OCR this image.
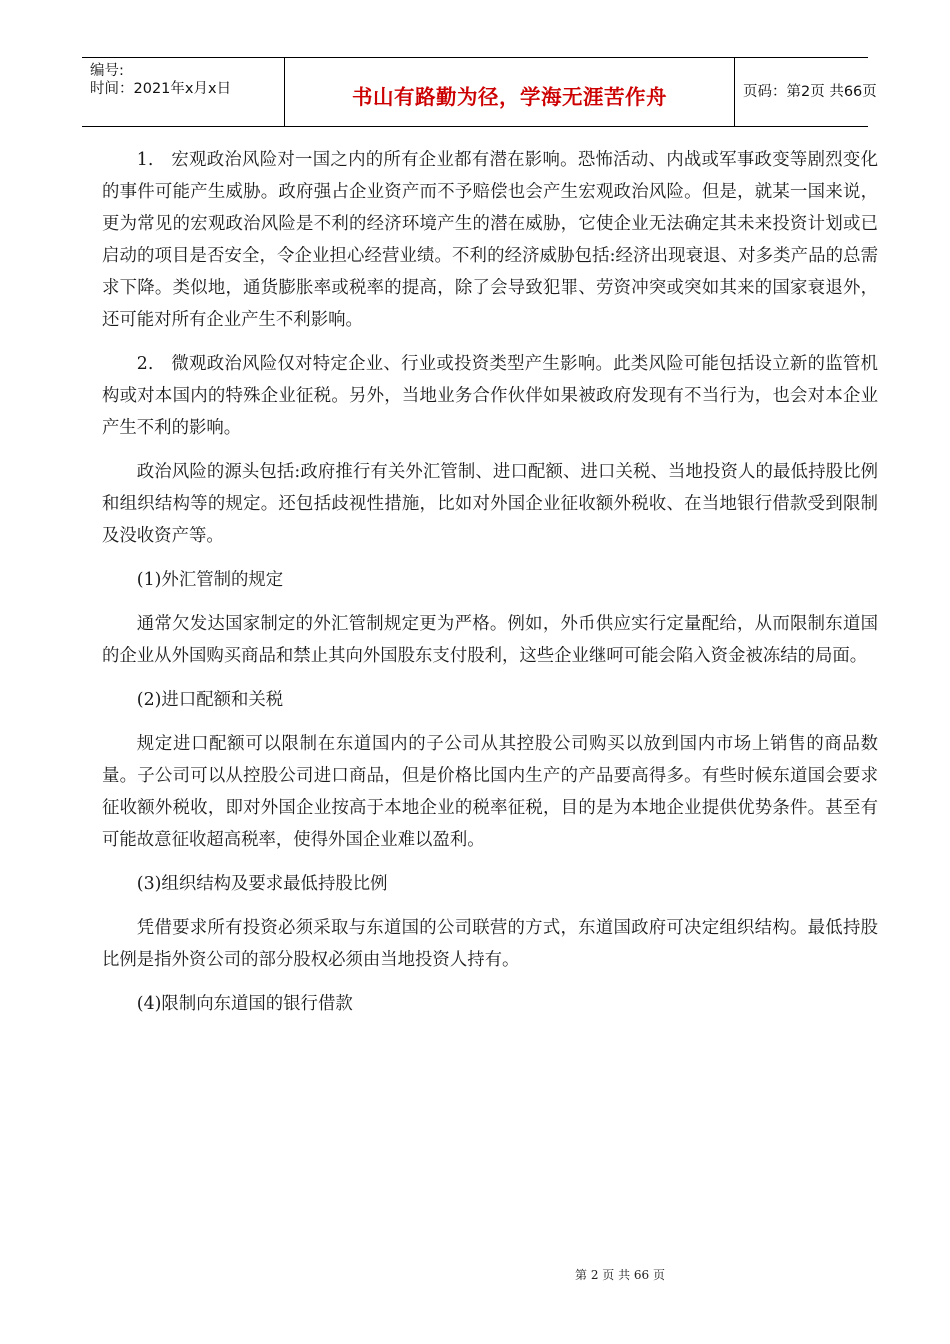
编号:
时间：2021年x月x日	书山有路勤为径，学海无涯苦作舟	页码：第2页 共66页

1.　宏观政治风险对一国之内的所有企业都有潜在影响。恐怖活动、内战或军事政变等剧烈变化的事件可能产生威胁。政府强占企业资产而不予赔偿也会产生宏观政治风险。但是，就某一国来说，更为常见的宏观政治风险是不利的经济环境产生的潜在威胁，它使企业无法确定其未来投资计划或已启动的项目是否安全，令企业担心经营业绩。不利的经济威胁包括:经济出现衰退、对多类产品的总需求下降。类似地，通货膨胀率或税率的提高，除了会导致犯罪、劳资冲突或突如其来的国家衰退外，还可能对所有企业产生不利影响。

2.　微观政治风险仅对特定企业、行业或投资类型产生影响。此类风险可能包括设立新的监管机构或对本国内的特殊企业征税。另外，当地业务合作伙伴如果被政府发现有不当行为，也会对本企业产生不利的影响。

政治风险的源头包括:政府推行有关外汇管制、进口配额、进口关税、当地投资人的最低持股比例和组织结构等的规定。还包括歧视性措施，比如对外国企业征收额外税收、在当地银行借款受到限制及没收资产等。

(1)外汇管制的规定

通常欠发达国家制定的外汇管制规定更为严格。例如，外币供应实行定量配给，从而限制东道国的企业从外国购买商品和禁止其向外国股东支付股利，这些企业继呵可能会陷入资金被冻结的局面。

(2)进口配额和关税

规定进口配额可以限制在东道国内的子公司从其控股公司购买以放到国内市场上销售的商品数量。子公司可以从控股公司进口商品，但是价格比国内生产的产品要高得多。有些时候东道国会要求征收额外税收，即对外国企业按高于本地企业的税率征税，目的是为本地企业提供优势条件。甚至有可能故意征收超高税率，使得外国企业难以盈利。

(3)组织结构及要求最低持股比例

凭借要求所有投资必须采取与东道国的公司联营的方式，东道国政府可决定组织结构。最低持股比例是指外资公司的部分股权必须由当地投资人持有。

(4)限制向东道国的银行借款

第 2 页 共 66 页
